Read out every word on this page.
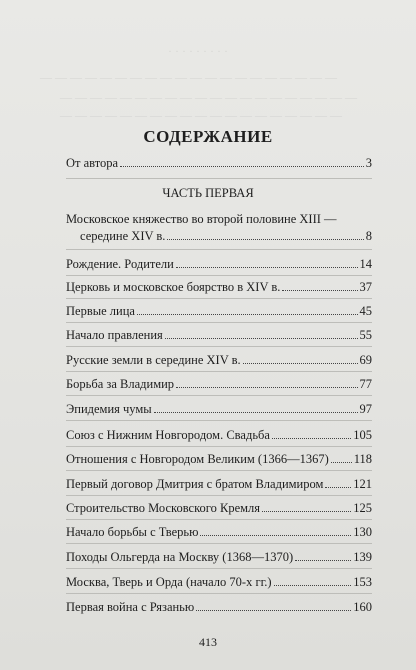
· · · · · · · · ·
— — — — — — — — — — — — — — — — — — — —
— — — — — — — — — — — — — — — — — — — —
— — — — — — — — — — — — — — — — — — —
СОДЕРЖАНИЕ
От автора	3
ЧАСТЬ ПЕРВАЯ
Московское княжество во второй половине XIII —
середине XIV в.	8
Рождение. Родители	14
Церковь и московское боярство в XIV в.	37
Первые лица	45
Начало правления	55
Русские земли в середине XIV в.	69
Борьба за Владимир	77
Эпидемия чумы	97
Союз с Нижним Новгородом. Свадьба	105
Отношения с Новгородом Великим (1366—1367) 118
Первый договор Дмитрия с братом Владимиром 121
Строительство Московского Кремля	125
Начало борьбы с Тверью	130
Походы Ольгерда на Москву (1368—1370)	139
Москва, Тверь и Орда (начало 70-х гг.)	153
Первая война с Рязанью	160
413
